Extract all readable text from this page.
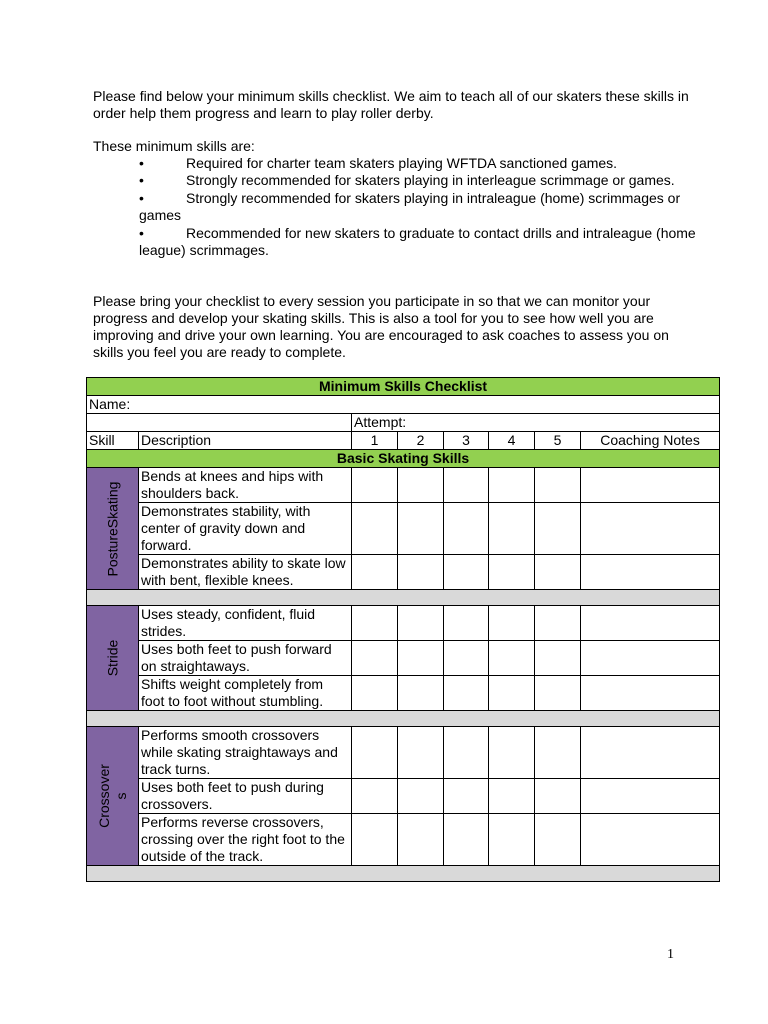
Please find below your minimum skills checklist. We aim to teach all of our skaters these skills in order help them progress and learn to play roller derby.
These minimum skills are:
•	Required for charter team skaters playing WFTDA sanctioned games.
•	Strongly recommended for skaters playing in interleague scrimmage or games.
•	Strongly recommended for skaters playing in intraleague (home) scrimmages or games
•	Recommended for new skaters to graduate to contact drills and intraleague (home league) scrimmages.
Please bring your checklist to every session you participate in so that we can monitor your progress and develop your skating skills. This is also a tool for you to see how well you are improving and drive your own learning. You are encouraged to ask coaches to assess you on skills you feel you are ready to complete.
Minimum Skills Checklist							
Name:							
		Attempt:					
Skill	Description	1	2	3	4	5	Coaching Notes
Basic Skating Skills							

PostureSkating	Bends at knees and hips with shoulders back.						
	Demonstrates stability, with center of gravity down and forward.						
	Demonstrates ability to skate low with bent, flexible knees.						

Stride	Uses steady, confident, fluid strides.						
	Uses both feet to push forward on straightaways.						
	Shifts weight completely from foot to foot without stumbling.						

Crossover
s	Performs smooth crossovers while skating straightaways and track turns.						
	Uses both feet to push during crossovers.						
	Performs reverse crossovers, crossing over the right foot to the outside of the track.						

1
